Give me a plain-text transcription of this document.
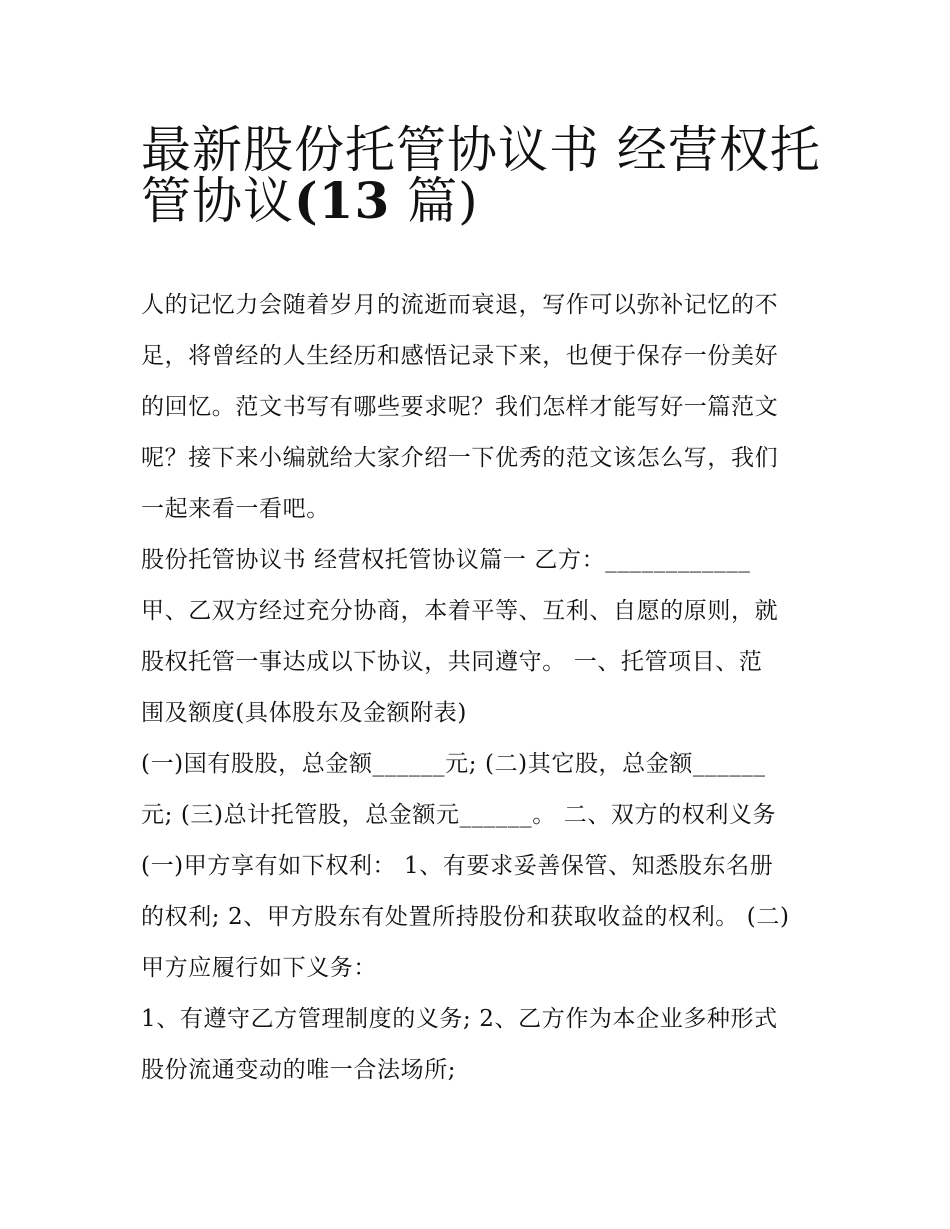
最新股份托管协议书 经营权托
管协议(13 篇)

人的记忆力会随着岁月的流逝而衰退，写作可以弥补记忆的不
足，将曾经的人生经历和感悟记录下来，也便于保存一份美好
的回忆。范文书写有哪些要求呢？我们怎样才能写好一篇范文
呢？接下来小编就给大家介绍一下优秀的范文该怎么写，我们
一起来看一看吧。

股份托管协议书 经营权托管协议篇一 乙方：____________

甲、乙双方经过充分协商，本着平等、互利、自愿的原则，就
股权托管一事达成以下协议，共同遵守。 一、托管项目、范
围及额度(具体股东及金额附表)

(一)国有股股，总金额______元; (二)其它股，总金额______
元; (三)总计托管股，总金额元______。 二、双方的权利义务

(一)甲方享有如下权利： 1、有要求妥善保管、知悉股东名册
的权利; 2、甲方股东有处置所持股份和获取收益的权利。 (二)
甲方应履行如下义务：

1、有遵守乙方管理制度的义务; 2、乙方作为本企业多种形式
股份流通变动的唯一合法场所;
